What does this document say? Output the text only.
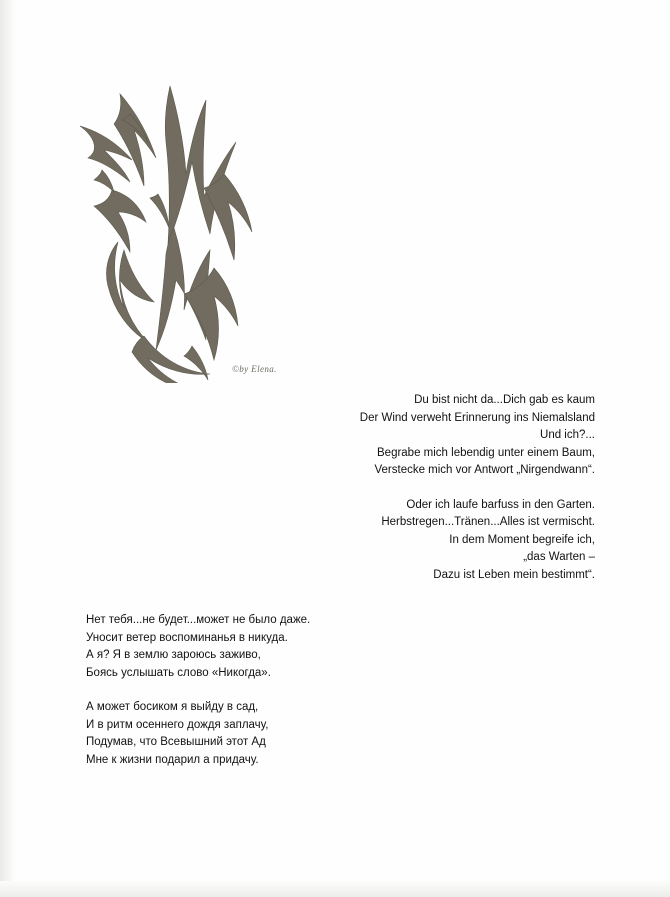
©by Elena.

Du bist nicht da...Dich gab es kaum
Der Wind verweht Erinnerung ins Niemalsland
Und ich?...
Begrabe mich lebendig unter einem Baum,
Verstecke mich vor Antwort „Nirgendwann“.

Oder ich laufe barfuss in den Garten.
Herbstregen...Tränen...Alles ist vermischt.
In dem Moment begreife ich,
„das Warten –
Dazu ist Leben mein bestimmt“.

Нет тебя...не будет...может не было даже.
Уносит ветер воспоминанья в никуда.
А я? Я в землю зароюсь заживо,
Боясь услышать слово «Никогда».

А может босиком я выйду в сад,
И в ритм осеннего дождя заплачу,
Подумав, что Всевышний этот Ад
Мне к жизни подарил а придачу.
